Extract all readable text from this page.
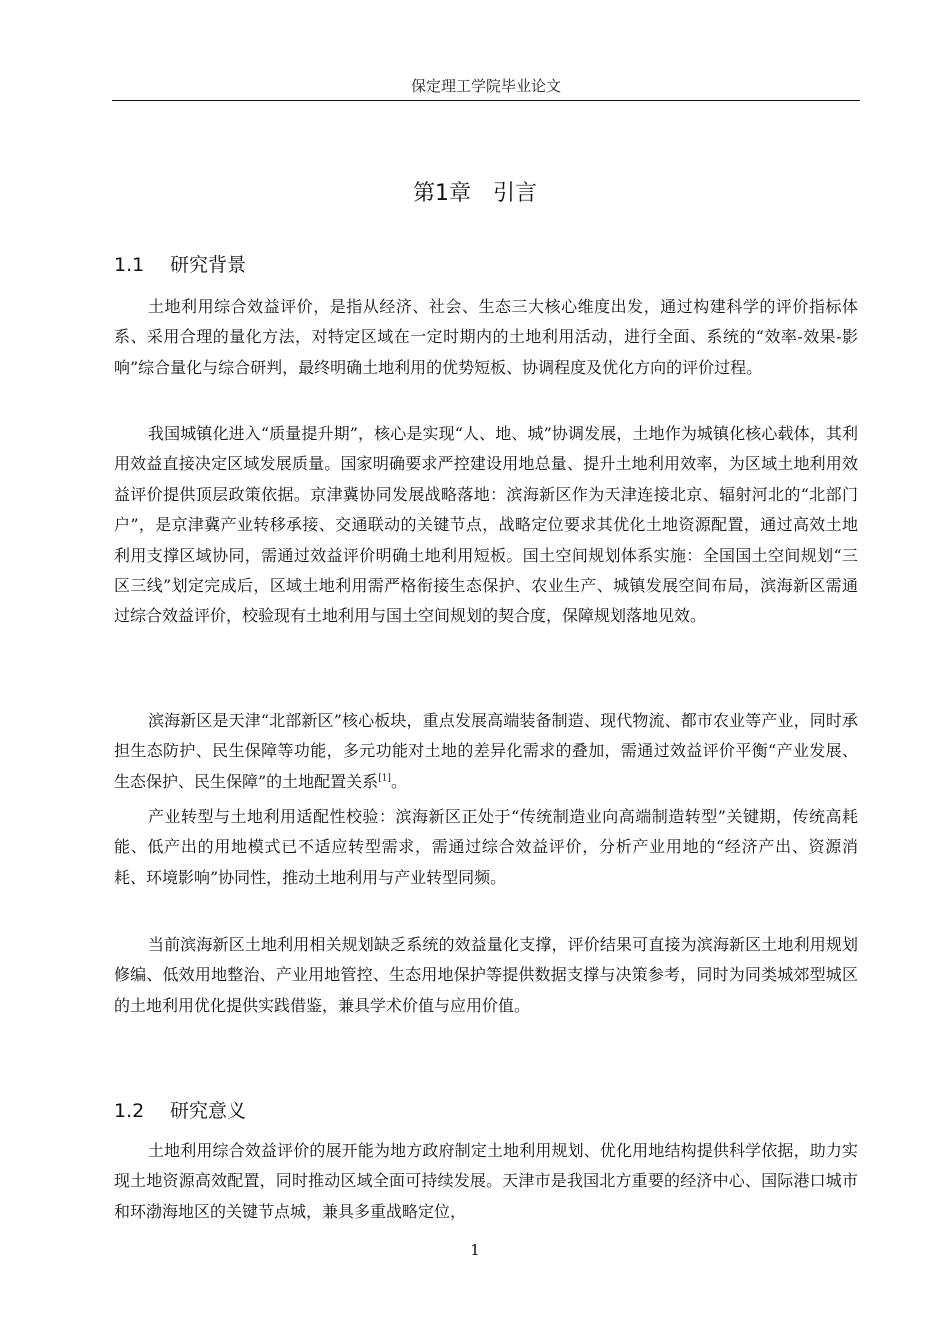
保定理工学院毕业论文
第1章 引言
1.1 研究背景

土地利用综合效益评价，是指从经济、社会、生态三大核心维度出发，通过构建科学的评价指标体系、采用合理的量化方法，对特定区域在一定时期内的土地利用活动，进行全面、系统的“效率-效果-影响”综合量化与综合研判，最终明确土地利用的优势短板、协调程度及优化方向的评价过程。

我国城镇化进入“质量提升期”，核心是实现“人、地、城”协调发展，土地作为城镇化核心载体，其利用效益直接决定区域发展质量。国家明确要求严控建设用地总量、提升土地利用效率，为区域土地利用效益评价提供顶层政策依据。京津冀协同发展战略落地：滨海新区作为天津连接北京、辐射河北的“北部门户”，是京津冀产业转移承接、交通联动的关键节点，战略定位要求其优化土地资源配置，通过高效土地利用支撑区域协同，需通过效益评价明确土地利用短板。国土空间规划体系实施：全国国土空间规划“三区三线”划定完成后，区域土地利用需严格衔接生态保护、农业生产、城镇发展空间布局，滨海新区需通过综合效益评价，校验现有土地利用与国土空间规划的契合度，保障规划落地见效。

滨海新区是天津“北部新区”核心板块，重点发展高端装备制造、现代物流、都市农业等产业，同时承担生态防护、民生保障等功能，多元功能对土地的差异化需求的叠加，需通过效益评价平衡“产业发展、生态保护、民生保障”的土地配置关系[1]。

产业转型与土地利用适配性校验：滨海新区正处于“传统制造业向高端制造转型”关键期，传统高耗能、低产出的用地模式已不适应转型需求，需通过综合效益评价，分析产业用地的“经济产出、资源消耗、环境影响”协同性，推动土地利用与产业转型同频。

当前滨海新区土地利用相关规划缺乏系统的效益量化支撑，评价结果可直接为滨海新区土地利用规划修编、低效用地整治、产业用地管控、生态用地保护等提供数据支撑与决策参考，同时为同类城郊型城区的土地利用优化提供实践借鉴，兼具学术价值与应用价值。

1.2 研究意义

土地利用综合效益评价的展开能为地方政府制定土地利用规划、优化用地结构提供科学依据，助力实现土地资源高效配置，同时推动区域全面可持续发展。天津市是我国北方重要的经济中心、国际港口城市和环渤海地区的关键节点城，兼具多重战略定位，

1
